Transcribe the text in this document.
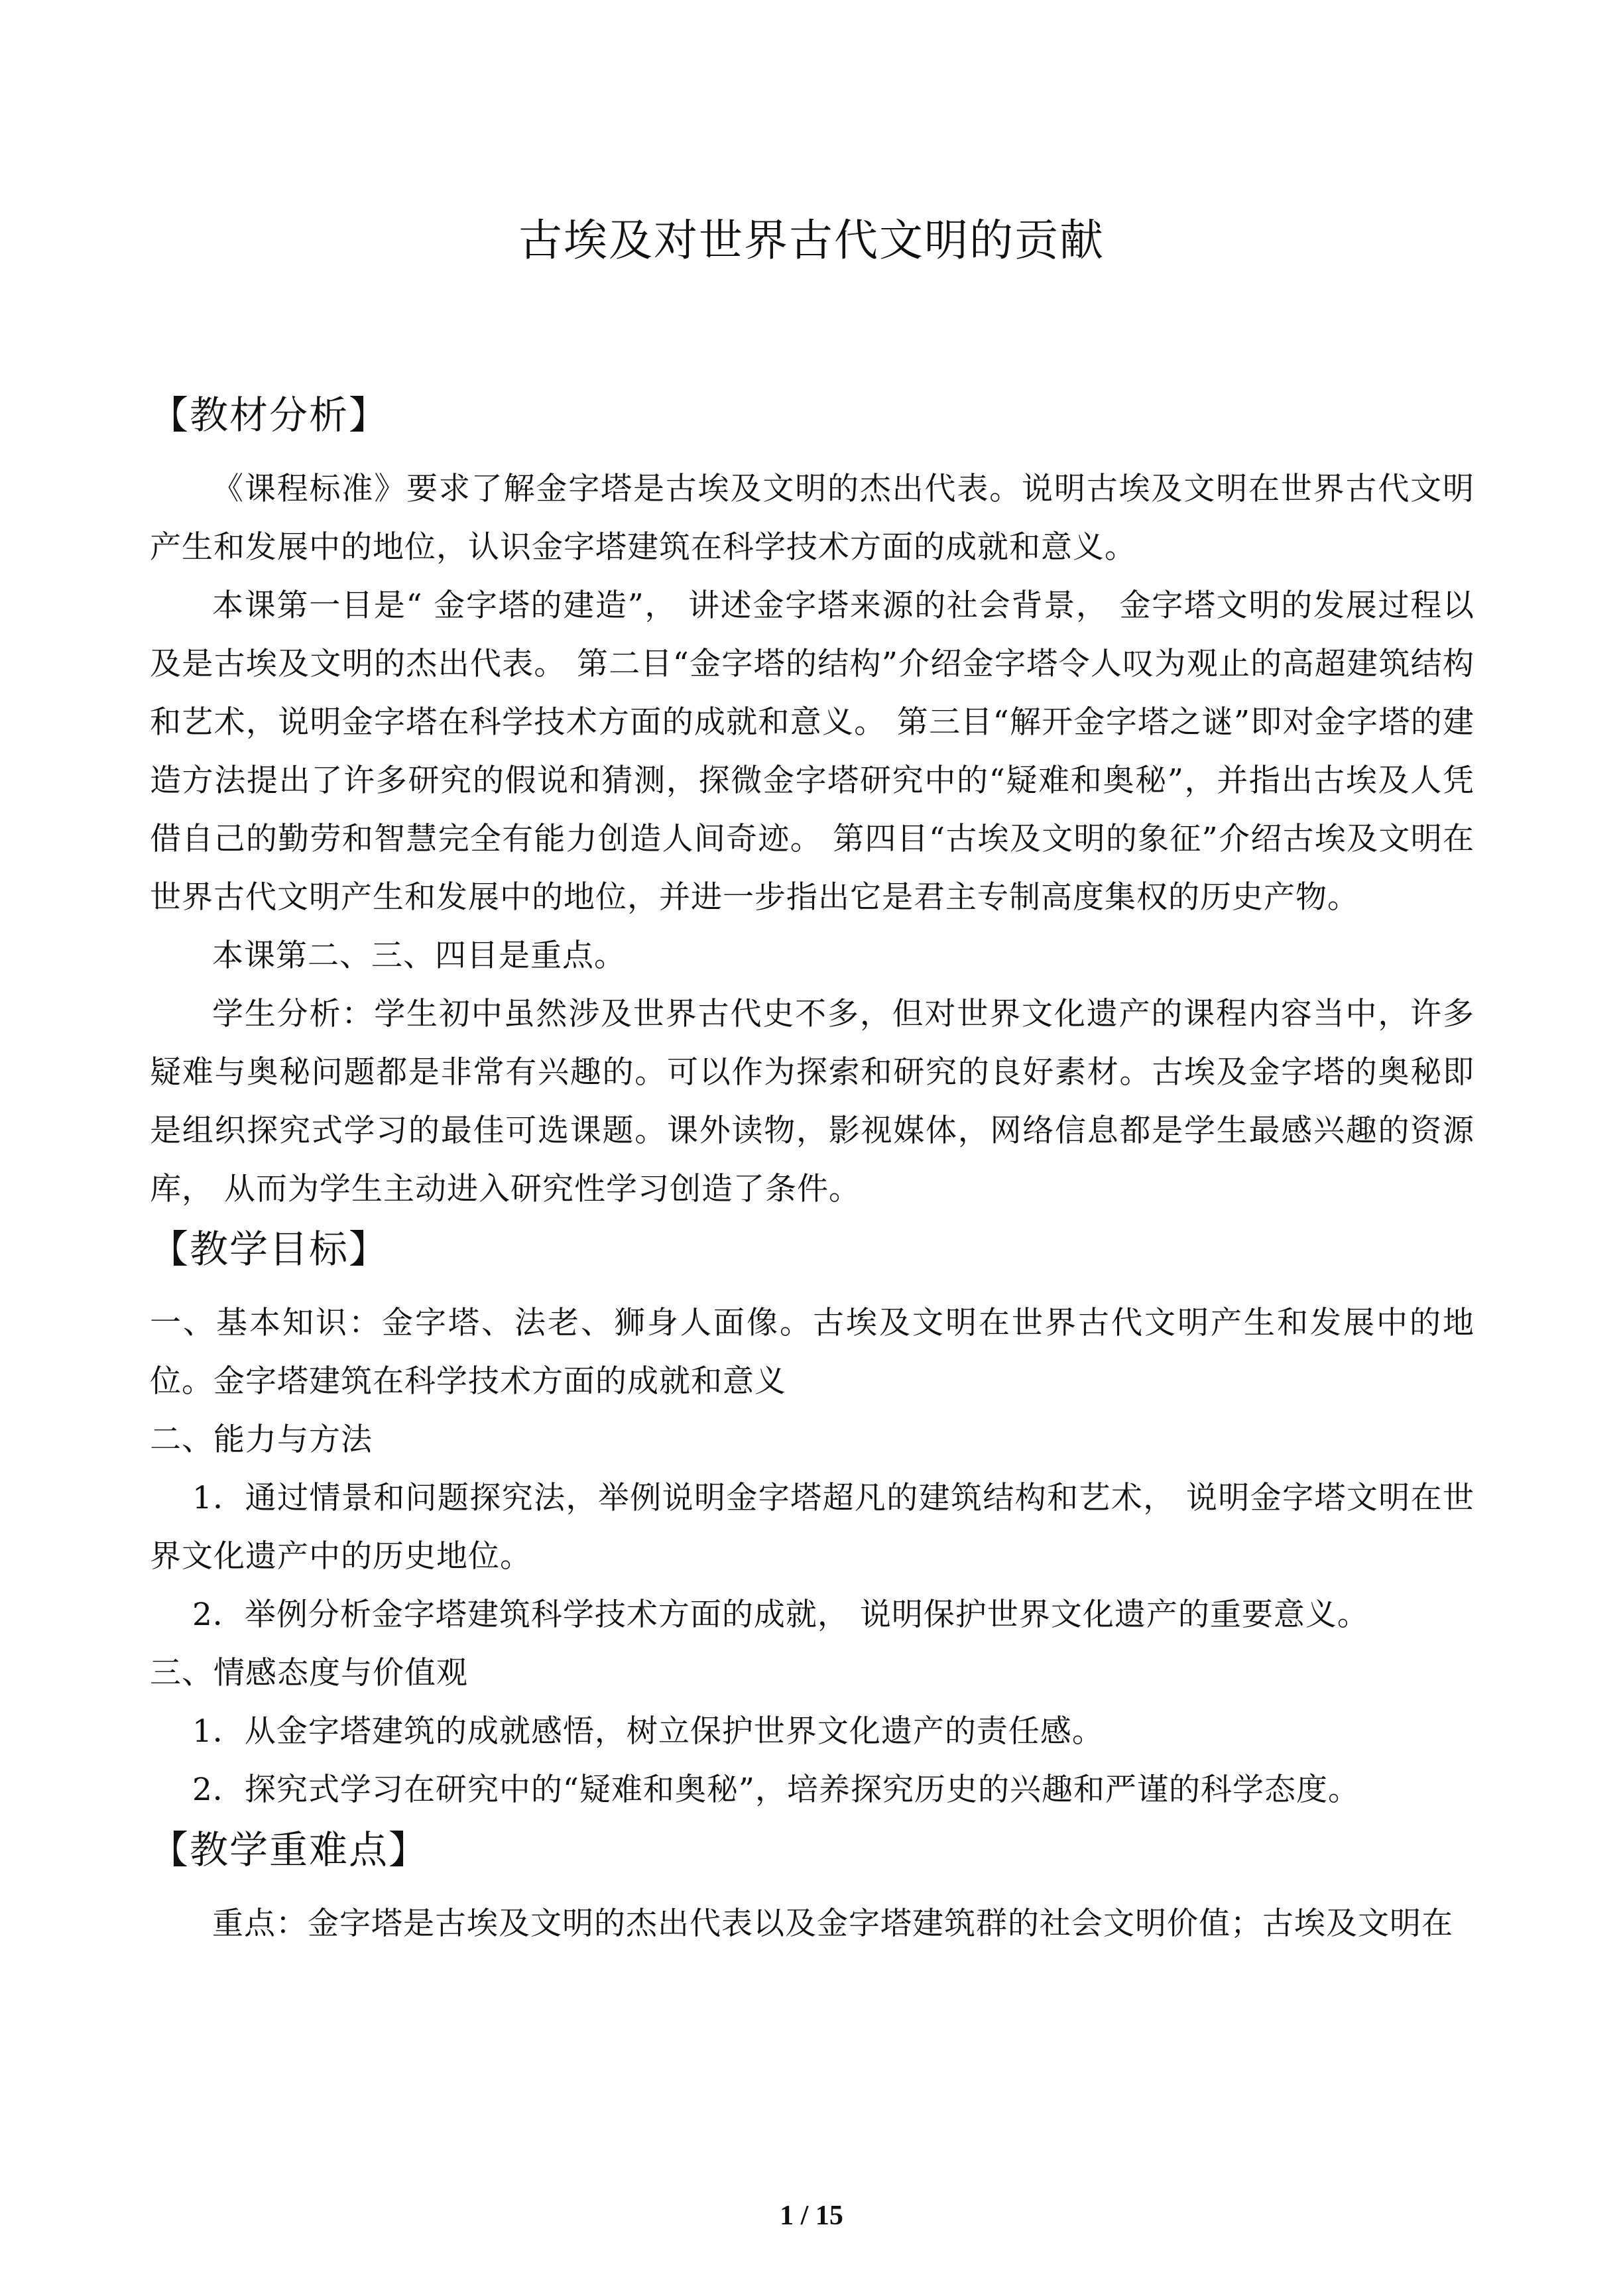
古埃及对世界古代文明的贡献
【教材分析】

《课程标准》要求了解金字塔是古埃及文明的杰出代表。说明古埃及文明在世界古代文明产生和发展中的地位，认识金字塔建筑在科学技术方面的成就和意义。

本课第一目是“ 金字塔的建造”， 讲述金字塔来源的社会背景， 金字塔文明的发展过程以及是古埃及文明的杰出代表。 第二目“金字塔的结构”介绍金字塔令人叹为观止的高超建筑结构和艺术，说明金字塔在科学技术方面的成就和意义。 第三目“解开金字塔之谜”即对金字塔的建造方法提出了许多研究的假说和猜测，探微金字塔研究中的“疑难和奥秘”，并指出古埃及人凭借自己的勤劳和智慧完全有能力创造人间奇迹。 第四目“古埃及文明的象征”介绍古埃及文明在世界古代文明产生和发展中的地位，并进一步指出它是君主专制高度集权的历史产物。

本课第二、三、四目是重点。

学生分析：学生初中虽然涉及世界古代史不多，但对世界文化遗产的课程内容当中，许多疑难与奥秘问题都是非常有兴趣的。可以作为探索和研究的良好素材。古埃及金字塔的奥秘即是组织探究式学习的最佳可选课题。课外读物，影视媒体，网络信息都是学生最感兴趣的资源库， 从而为学生主动进入研究性学习创造了条件。

【教学目标】

一、基本知识：金字塔、法老、狮身人面像。古埃及文明在世界古代文明产生和发展中的地位。金字塔建筑在科学技术方面的成就和意义

二、能力与方法

1．通过情景和问题探究法，举例说明金字塔超凡的建筑结构和艺术， 说明金字塔文明在世界文化遗产中的历史地位。

2．举例分析金字塔建筑科学技术方面的成就， 说明保护世界文化遗产的重要意义。

三、情感态度与价值观

1．从金字塔建筑的成就感悟，树立保护世界文化遗产的责任感。

2．探究式学习在研究中的“疑难和奥秘”，培养探究历史的兴趣和严谨的科学态度。

【教学重难点】

重点：金字塔是古埃及文明的杰出代表以及金字塔建筑群的社会文明价值；古埃及文明在

1 / 15
